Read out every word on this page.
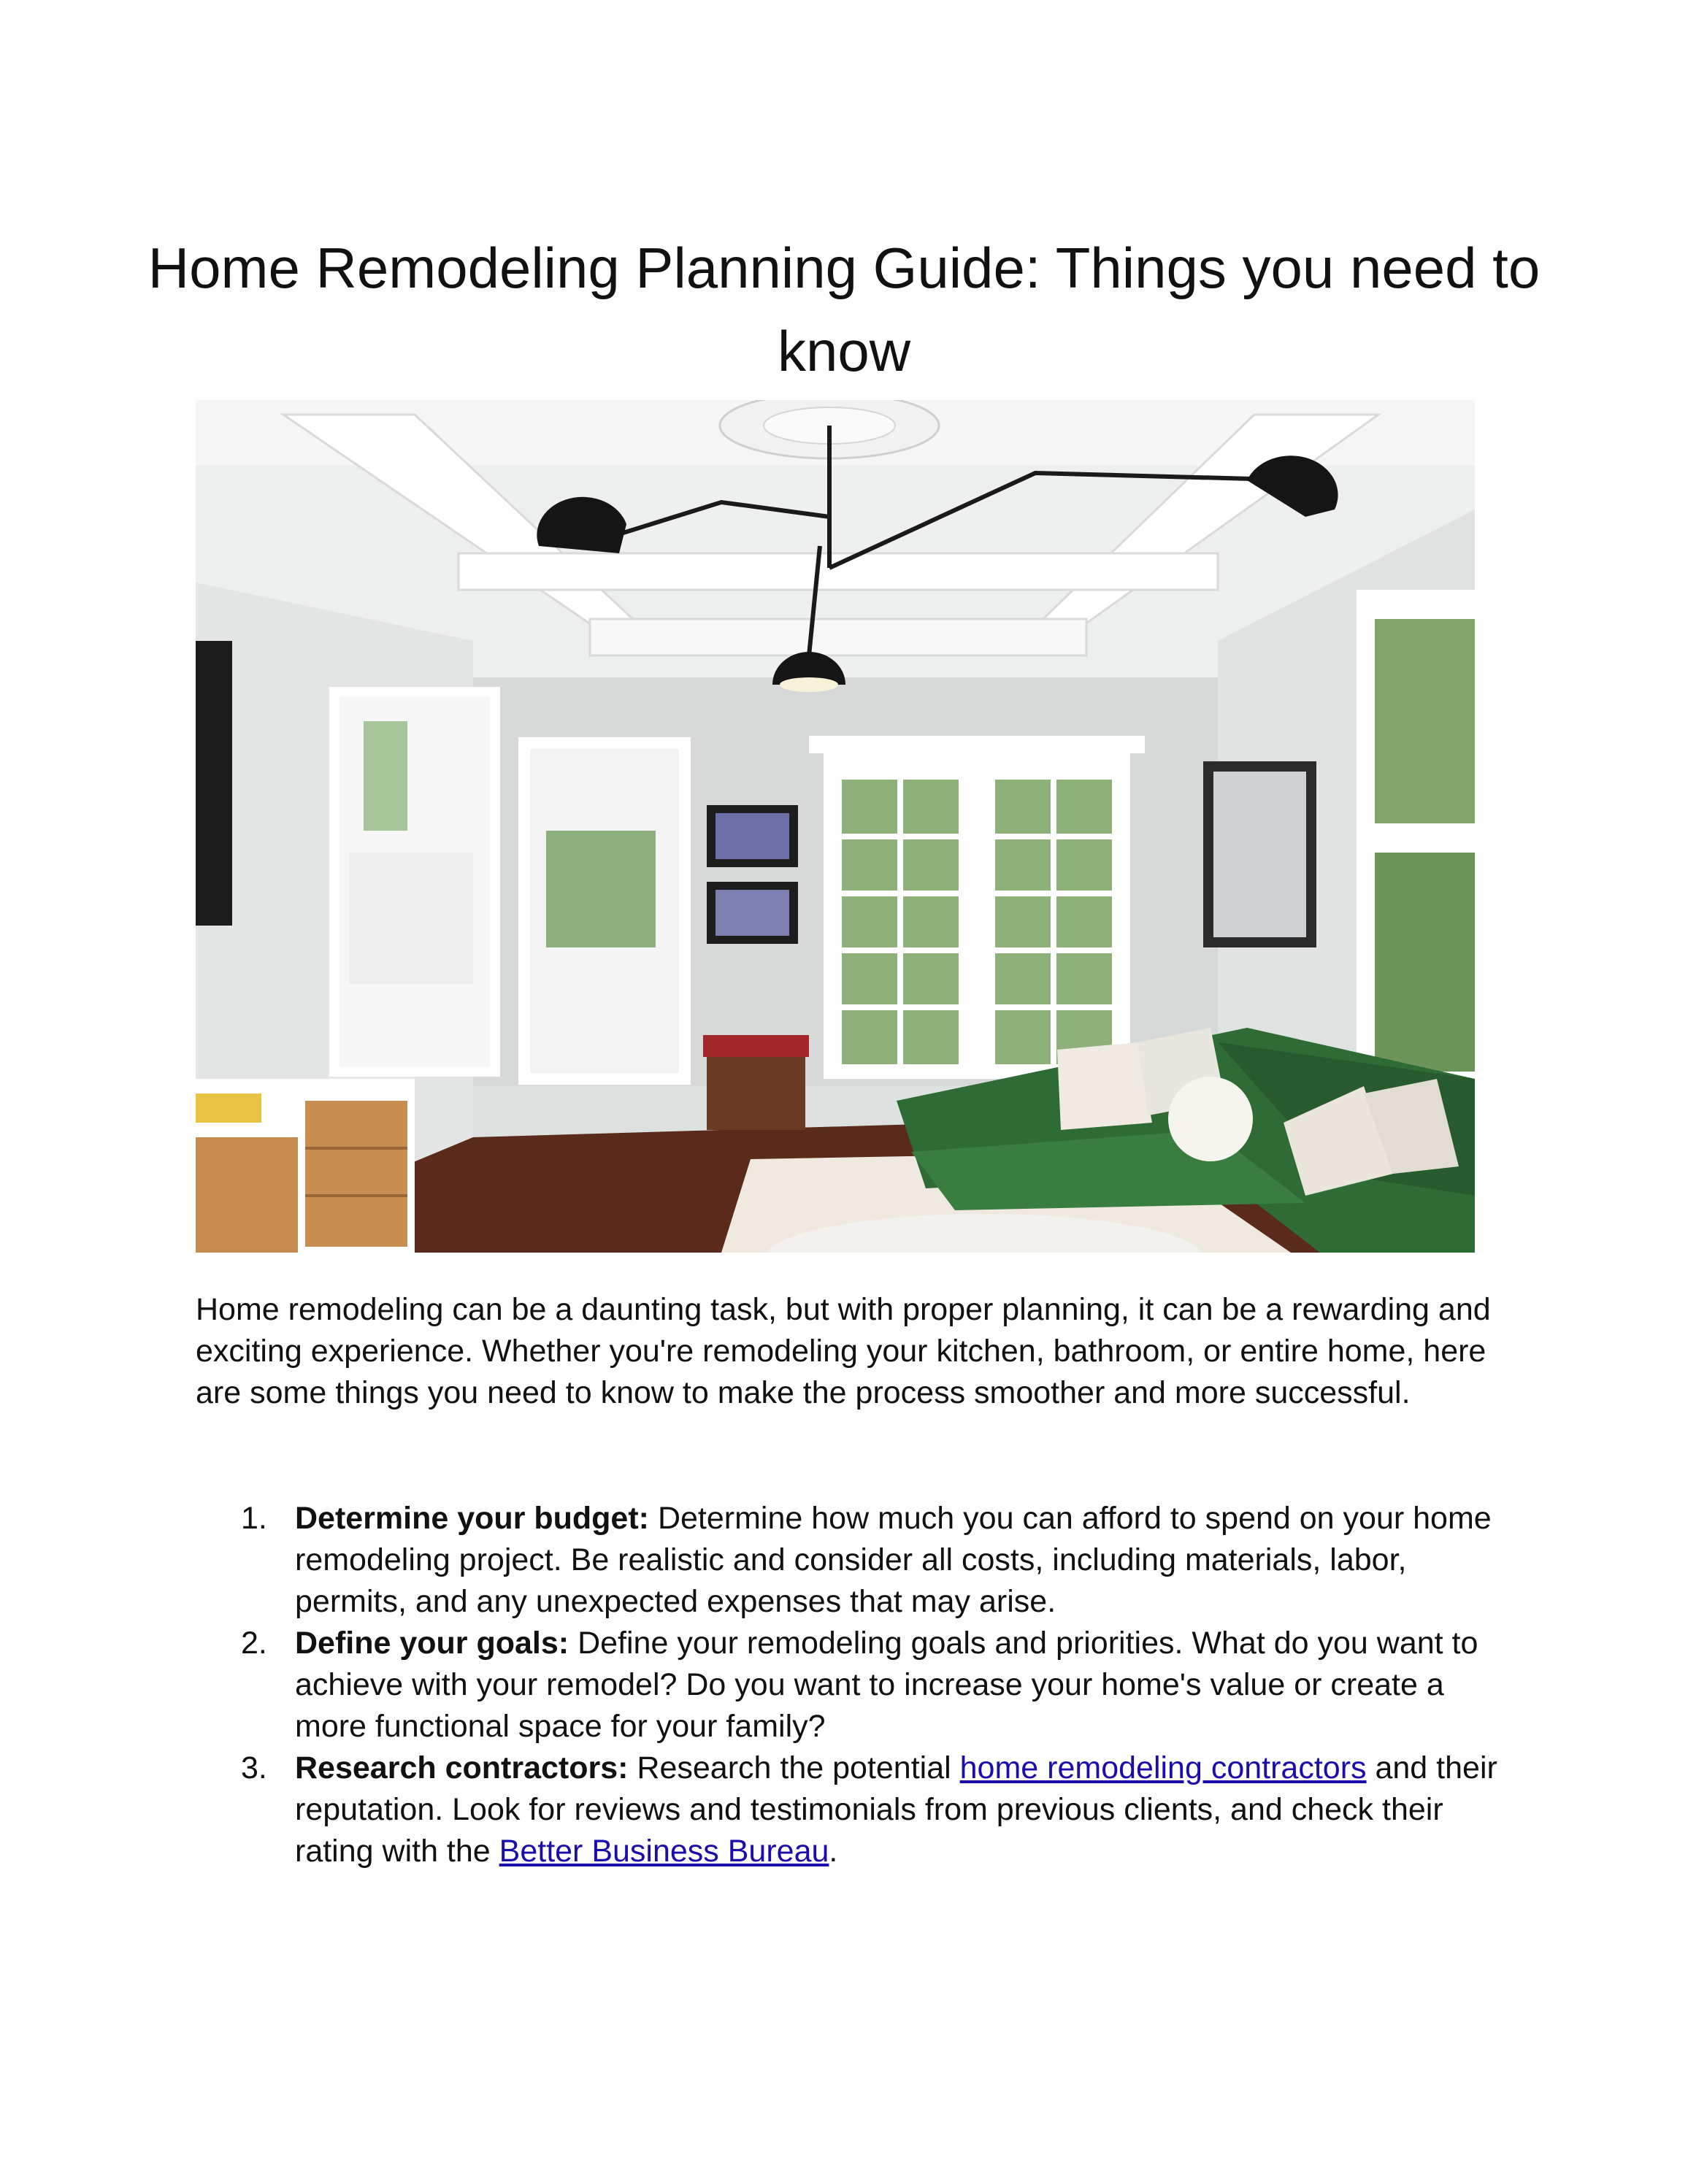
Home Remodeling Planning Guide: Things you need to know

Home remodeling can be a daunting task, but with proper planning, it can be a rewarding and exciting experience. Whether you're remodeling your kitchen, bathroom, or entire home, here are some things you need to know to make the process smoother and more successful.

1. Determine your budget: Determine how much you can afford to spend on your home remodeling project. Be realistic and consider all costs, including materials, labor, permits, and any unexpected expenses that may arise.
2. Define your goals: Define your remodeling goals and priorities. What do you want to achieve with your remodel? Do you want to increase your home's value or create a more functional space for your family?
3. Research contractors: Research the potential home remodeling contractors and their reputation. Look for reviews and testimonials from previous clients, and check their rating with the Better Business Bureau.
